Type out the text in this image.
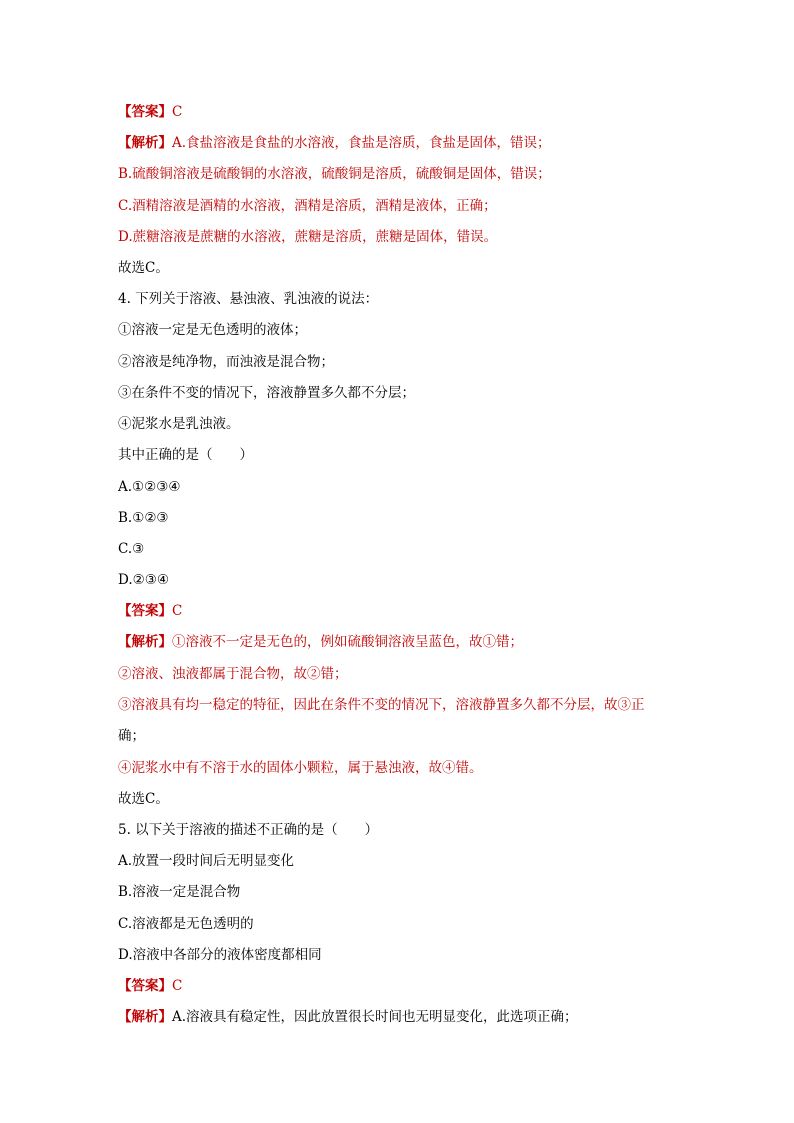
【答案】C
【解析】A.食盐溶液是食盐的水溶液，食盐是溶质，食盐是固体，错误；
B.硫酸铜溶液是硫酸铜的水溶液，硫酸铜是溶质，硫酸铜是固体，错误；
C.酒精溶液是酒精的水溶液，酒精是溶质，酒精是液体，正确；
D.蔗糖溶液是蔗糖的水溶液，蔗糖是溶质，蔗糖是固体，错误。
故选C。
4. 下列关于溶液、悬浊液、乳浊液的说法：
①溶液一定是无色透明的液体；
②溶液是纯净物，而浊液是混合物；
③在条件不变的情况下，溶液静置多久都不分层；
④泥浆水是乳浊液。
其中正确的是（　　）
A.①②③④
B.①②③
C.③
D.②③④
【答案】C
【解析】①溶液不一定是无色的，例如硫酸铜溶液呈蓝色，故①错；
②溶液、浊液都属于混合物，故②错；
③溶液具有均一稳定的特征，因此在条件不变的情况下，溶液静置多久都不分层，故③正
确；
④泥浆水中有不溶于水的固体小颗粒，属于悬浊液，故④错。
故选C。
5. 以下关于溶液的描述不正确的是（　　）
A.放置一段时间后无明显变化
B.溶液一定是混合物
C.溶液都是无色透明的
D.溶液中各部分的液体密度都相同
【答案】C
【解析】A.溶液具有稳定性，因此放置很长时间也无明显变化，此选项正确；
